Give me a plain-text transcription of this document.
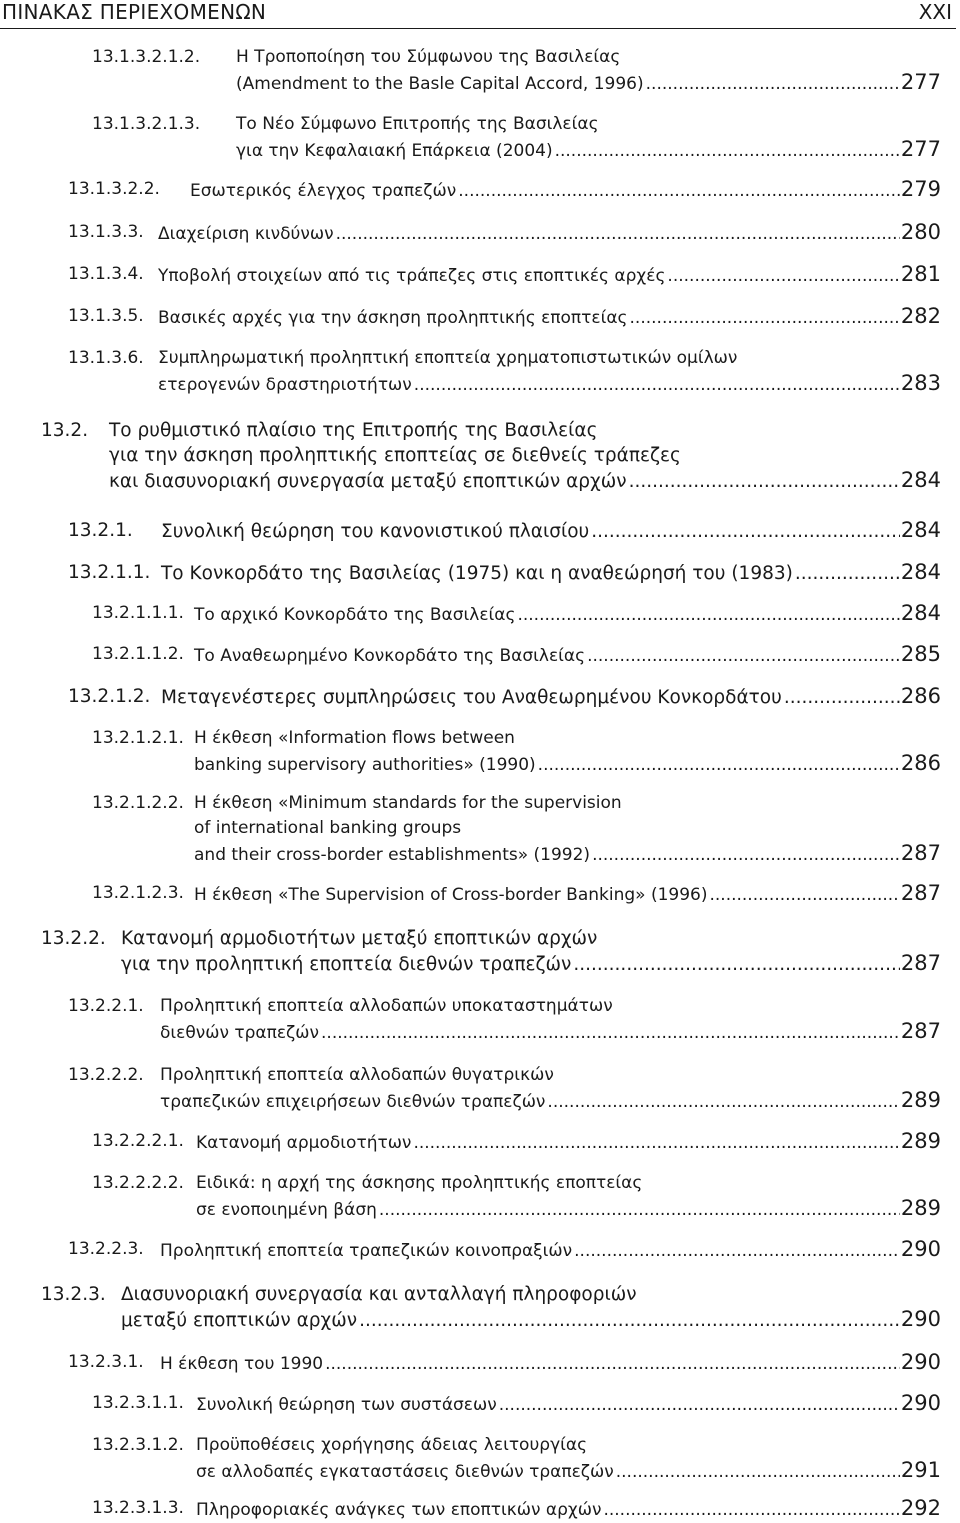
ΠΙΝΑΚΑΣ ΠΕΡΙΕΧΟΜΕΝΩΝ	XXI
13.1.3.2.1.2. Η Τροποποίηση του Σύμφωνου της Βασιλείας
(Amendment to the Basle Capital Accord, 1996) .....	277
13.1.3.2.1.3. Το Νέο Σύμφωνο Επιτροπής της Βασιλείας
για την Κεφαλαιακή Επάρκεια (2004) .....	277
13.1.3.2.2. Εσωτερικός έλεγχος τραπεζών .....	279
13.1.3.3. Διαχείριση κινδύνων .....	280
13.1.3.4. Υποβολή στοιχείων από τις τράπεζες στις εποπτικές αρχές .....	281
13.1.3.5. Βασικές αρχές για την άσκηση προληπτικής εποπτείας .....	282
13.1.3.6. Συμπληρωματική προληπτική εποπτεία χρηματοπιστωτικών ομίλων
ετερογενών δραστηριοτήτων .....	283
13.2. Το ρυθμιστικό πλαίσιο της Επιτροπής της Βασιλείας
για την άσκηση προληπτικής εποπτείας σε διεθνείς τράπεζες
και διασυνοριακή συνεργασία μεταξύ εποπτικών αρχών .....	284
13.2.1. Συνολική θεώρηση του κανονιστικού πλαισίου .....	284
13.2.1.1. Το Κονκορδάτο της Βασιλείας (1975) και η αναθεώρησή του (1983) .....	284
13.2.1.1.1. Το αρχικό Κονκορδάτο της Βασιλείας .....	284
13.2.1.1.2. Το Αναθεωρημένο Κονκορδάτο της Βασιλείας .....	285
13.2.1.2. Μεταγενέστερες συμπληρώσεις του Αναθεωρημένου Κονκορδάτου .....	286
13.2.1.2.1. Η έκθεση «Information flows between
banking supervisory authorities» (1990) .....	286
13.2.1.2.2. Η έκθεση «Minimum standards for the supervision
of international banking groups
and their cross-border establishments» (1992) .....	287
13.2.1.2.3. Η έκθεση «The Supervision of Cross-border Banking» (1996) .....	287
13.2.2. Κατανομή αρμοδιοτήτων μεταξύ εποπτικών αρχών
για την προληπτική εποπτεία διεθνών τραπεζών .....	287
13.2.2.1. Προληπτική εποπτεία αλλοδαπών υποκαταστημάτων
διεθνών τραπεζών .....	287
13.2.2.2. Προληπτική εποπτεία αλλοδαπών θυγατρικών
τραπεζικών επιχειρήσεων διεθνών τραπεζών .....	289
13.2.2.2.1. Κατανομή αρμοδιοτήτων .....	289
13.2.2.2.2. Ειδικά: η αρχή της άσκησης προληπτικής εποπτείας
σε ενοποιημένη βάση .....	289
13.2.2.3. Προληπτική εποπτεία τραπεζικών κοινοπραξιών .....	290
13.2.3. Διασυνοριακή συνεργασία και ανταλλαγή πληροφοριών
μεταξύ εποπτικών αρχών .....	290
13.2.3.1. Η έκθεση του 1990 .....	290
13.2.3.1.1. Συνολική θεώρηση των συστάσεων .....	290
13.2.3.1.2. Προϋποθέσεις χορήγησης άδειας λειτουργίας
σε αλλοδαπές εγκαταστάσεις διεθνών τραπεζών .....	291
13.2.3.1.3. Πληροφοριακές ανάγκες των εποπτικών αρχών .....	292
